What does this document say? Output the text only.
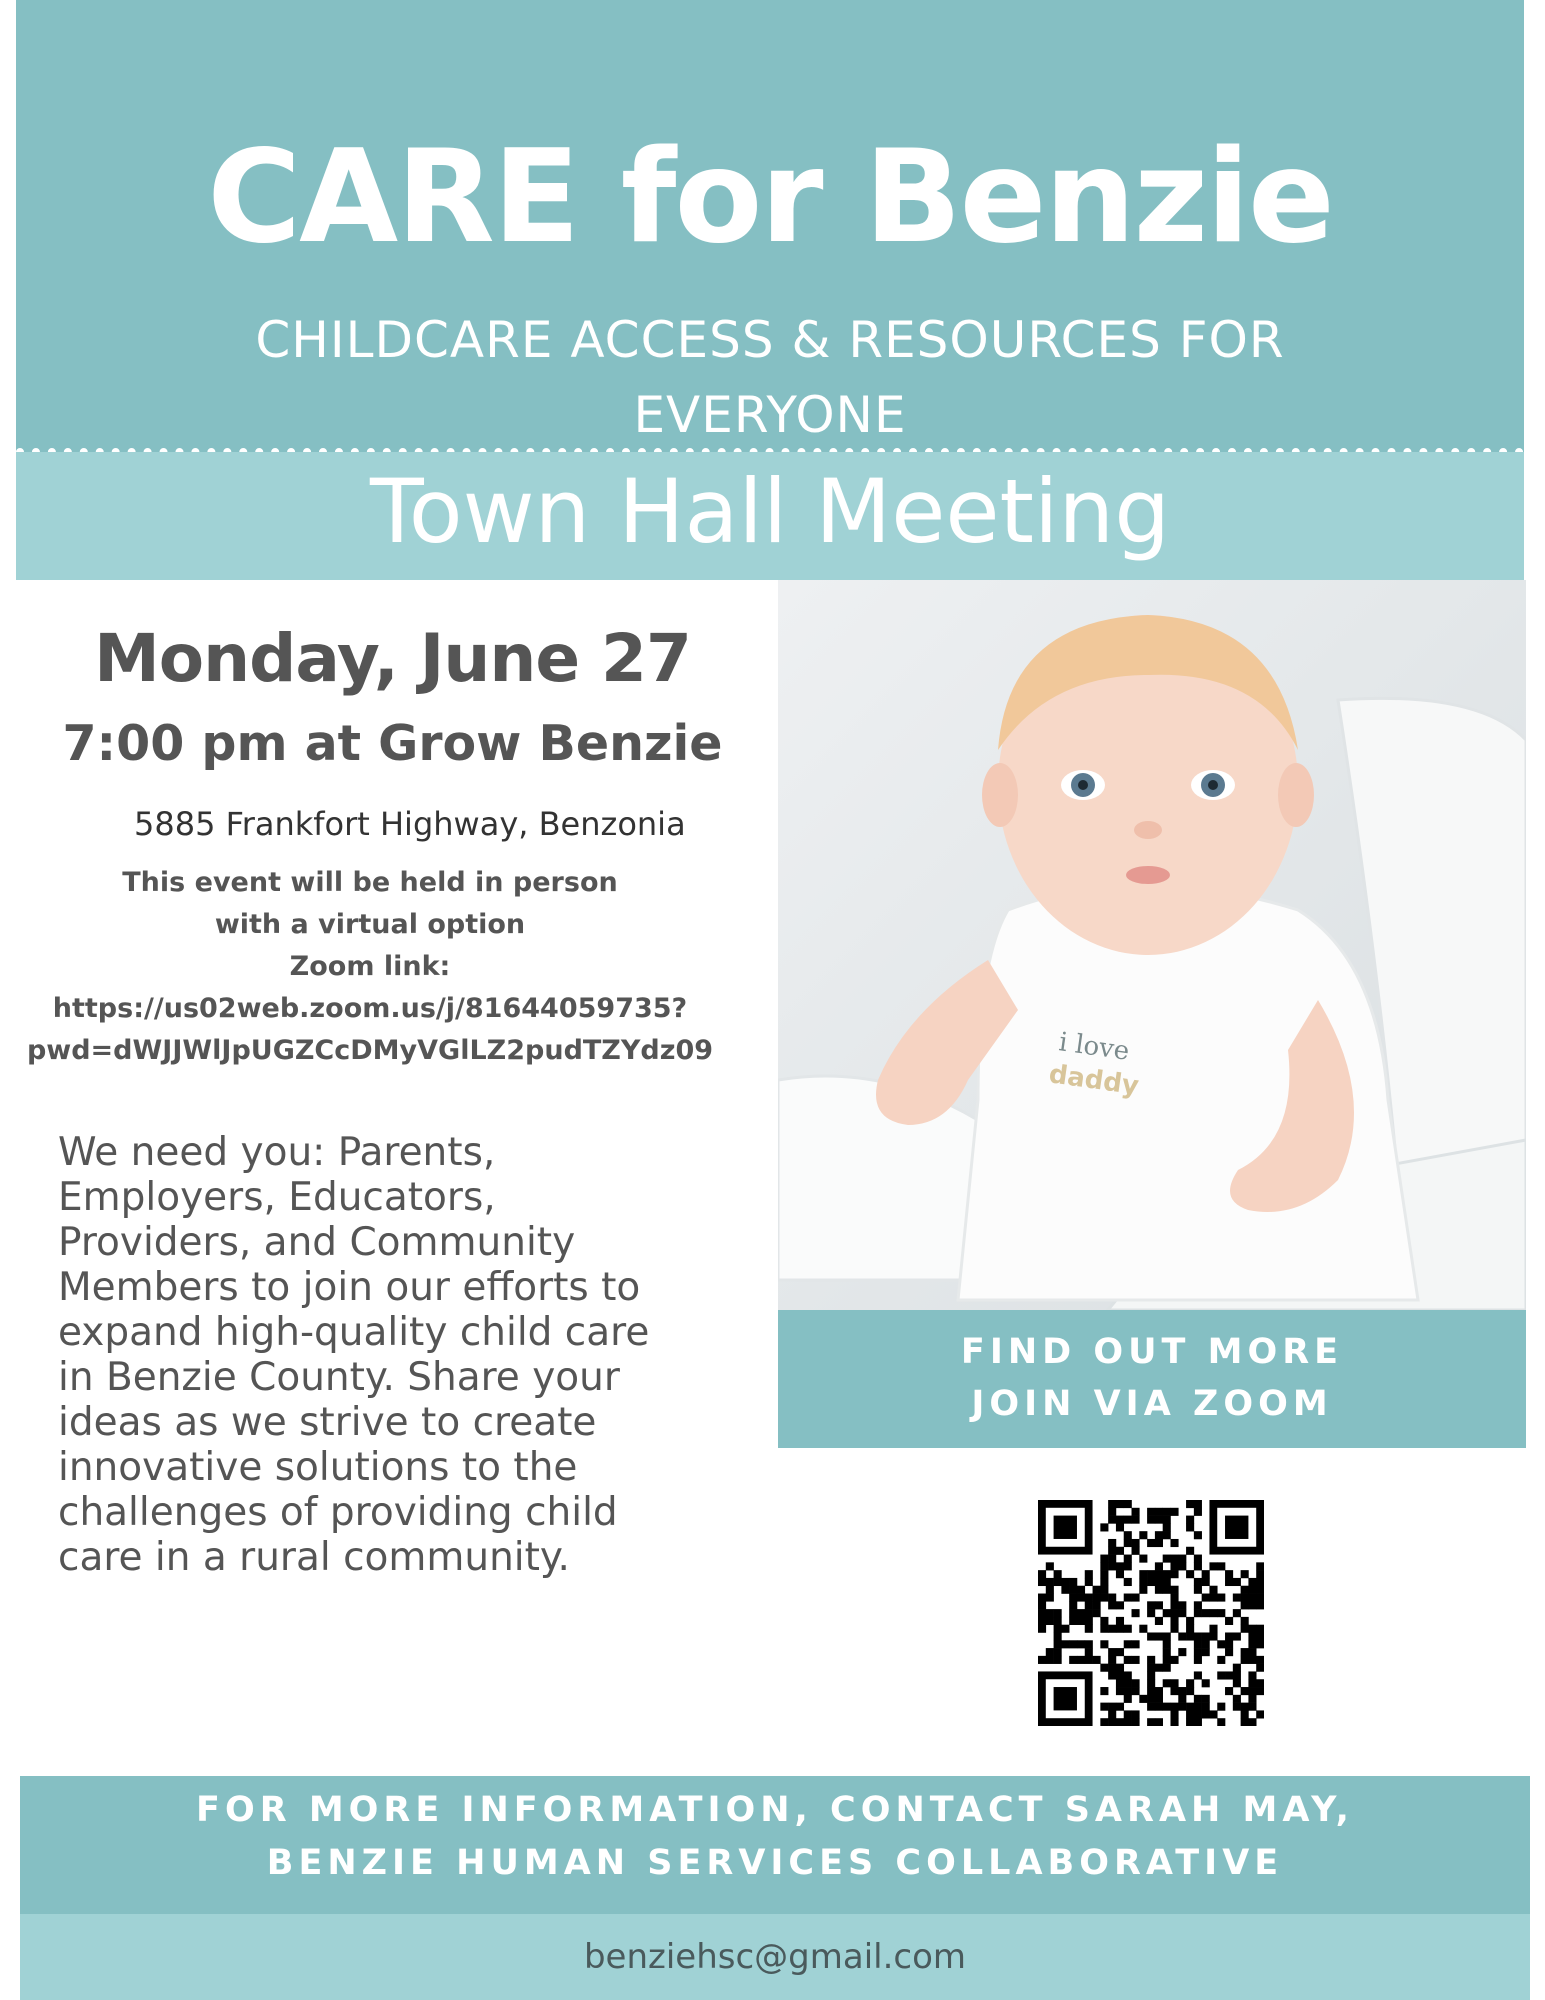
CARE for Benzie
CHILDCARE ACCESS & RESOURCES FOR
EVERYONE
Town Hall Meeting
Monday, June 27
7:00 pm at Grow Benzie
5885 Frankfort Highway, Benzonia
This event will be held in person
with a virtual option
Zoom link:
https://us02web.zoom.us/j/81644059735?
pwd=dWJJWlJpUGZCcDMyVGlLZ2pudTZYdz09
We need you: Parents,
Employers, Educators,
Providers, and Community
Members to join our efforts to
expand high-quality child care
in Benzie County. Share your
ideas as we strive to create
innovative solutions to the
challenges of providing child
care in a rural community.
i love
daddy
FIND OUT MORE
JOIN VIA ZOOM
FOR MORE INFORMATION, CONTACT SARAH MAY,
BENZIE HUMAN SERVICES COLLABORATIVE
benziehsc@gmail.com
